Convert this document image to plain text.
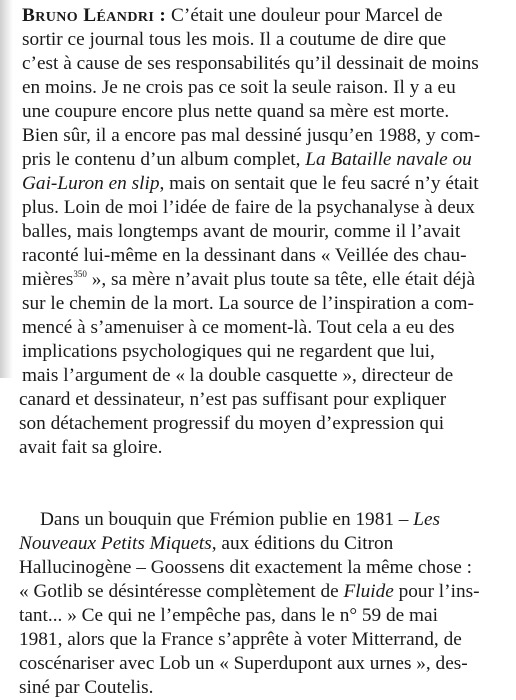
Bruno Léandri : C’était une douleur pour Marcel de
sortir ce journal tous les mois. Il a coutume de dire que
c’est à cause de ses responsabilités qu’il dessinait de moins
en moins. Je ne crois pas ce soit la seule raison. Il y a eu
une coupure encore plus nette quand sa mère est morte.
Bien sûr, il a encore pas mal dessiné jusqu’en 1988, y com-
pris le contenu d’un album complet, La Bataille navale ou
Gai-Luron en slip, mais on sentait que le feu sacré n’y était
plus. Loin de moi l’idée de faire de la psychanalyse à deux
balles, mais longtemps avant de mourir, comme il l’avait
raconté lui-même en la dessinant dans « Veillée des chau-
mières$^{350}$ », sa mère n’avait plus toute sa tête, elle était déjà
sur le chemin de la mort. La source de l’inspiration a com-
mencé à s’amenuiser à ce moment-là. Tout cela a eu des
implications psychologiques qui ne regardent que lui,
mais l’argument de « la double casquette », directeur de
canard et dessinateur, n’est pas suffisant pour expliquer
son détachement progressif du moyen d’expression qui
avait fait sa gloire.
Dans un bouquin que Frémion publie en 1981 – Les
Nouveaux Petits Miquets, aux éditions du Citron
Hallucinogène – Goossens dit exactement la même chose :
« Gotlib se désintéresse complètement de Fluide pour l’ins-
tant... » Ce qui ne l’empêche pas, dans le n° 59 de mai
1981, alors que la France s’apprête à voter Mitterrand, de
coscénariser avec Lob un « Superdupont aux urnes », des-
siné par Coutelis.
